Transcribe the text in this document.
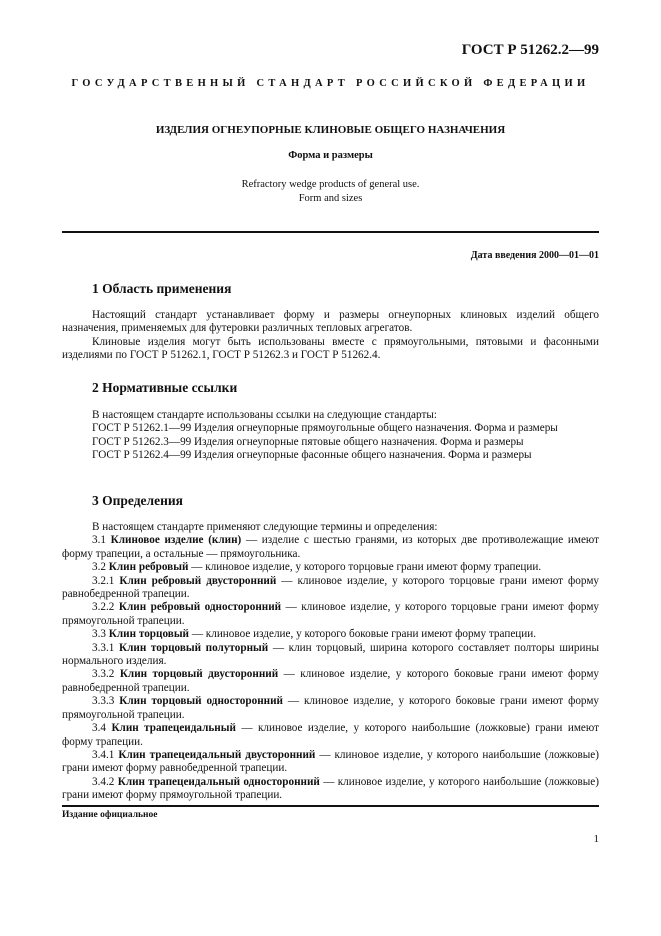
ГОСТ Р 51262.2—99
ГОСУДАРСТВЕННЫЙ СТАНДАРТ РОССИЙСКОЙ ФЕДЕРАЦИИ
ИЗДЕЛИЯ ОГНЕУПОРНЫЕ КЛИНОВЫЕ ОБЩЕГО НАЗНАЧЕНИЯ
Форма и размеры
Refractory wedge products of general use.
Form and sizes
Дата введения 2000—01—01
1 Область применения

Настоящий стандарт устанавливает форму и размеры огнеупорных клиновых изделий общего назначения, применяемых для футеровки различных тепловых агрегатов.

Клиновые изделия могут быть использованы вместе с прямоугольными, пятовыми и фасонными изделиями по ГОСТ Р 51262.1, ГОСТ Р 51262.3 и ГОСТ Р 51262.4.

2 Нормативные ссылки

В настоящем стандарте использованы ссылки на следующие стандарты:

ГОСТ Р 51262.1—99 Изделия огнеупорные прямоугольные общего назначения. Форма и размеры

ГОСТ Р 51262.3—99 Изделия огнеупорные пятовые общего назначения. Форма и размеры

ГОСТ Р 51262.4—99 Изделия огнеупорные фасонные общего назначения. Форма и размеры

3 Определения

В настоящем стандарте применяют следующие термины и определения:

3.1 Клиновое изделие (клин) — изделие с шестью гранями, из которых две противолежащие имеют форму трапеции, а остальные — прямоугольника.

3.2 Клин ребровый — клиновое изделие, у которого торцовые грани имеют форму трапеции.

3.2.1 Клин ребровый двусторонний — клиновое изделие, у которого торцовые грани имеют форму равнобедренной трапеции.

3.2.2 Клин ребровый односторонний — клиновое изделие, у которого торцовые грани имеют форму прямоугольной трапеции.

3.3 Клин торцовый — клиновое изделие, у которого боковые грани имеют форму трапеции.

3.3.1 Клин торцовый полуторный — клин торцовый, ширина которого составляет полторы ширины нормального изделия.

3.3.2 Клин торцовый двусторонний — клиновое изделие, у которого боковые грани имеют форму равнобедренной трапеции.

3.3.3 Клин торцовый односторонний — клиновое изделие, у которого боковые грани имеют форму прямоугольной трапеции.

3.4 Клин трапецеидальный — клиновое изделие, у которого наибольшие (ложковые) грани имеют форму трапеции.

3.4.1 Клин трапецеидальный двусторонний — клиновое изделие, у которого наибольшие (ложковые) грани имеют форму равнобедренной трапеции.

3.4.2 Клин трапецеидальный односторонний — клиновое изделие, у которого наибольшие (ложковые) грани имеют форму прямоугольной трапеции.

Издание официальное
1
